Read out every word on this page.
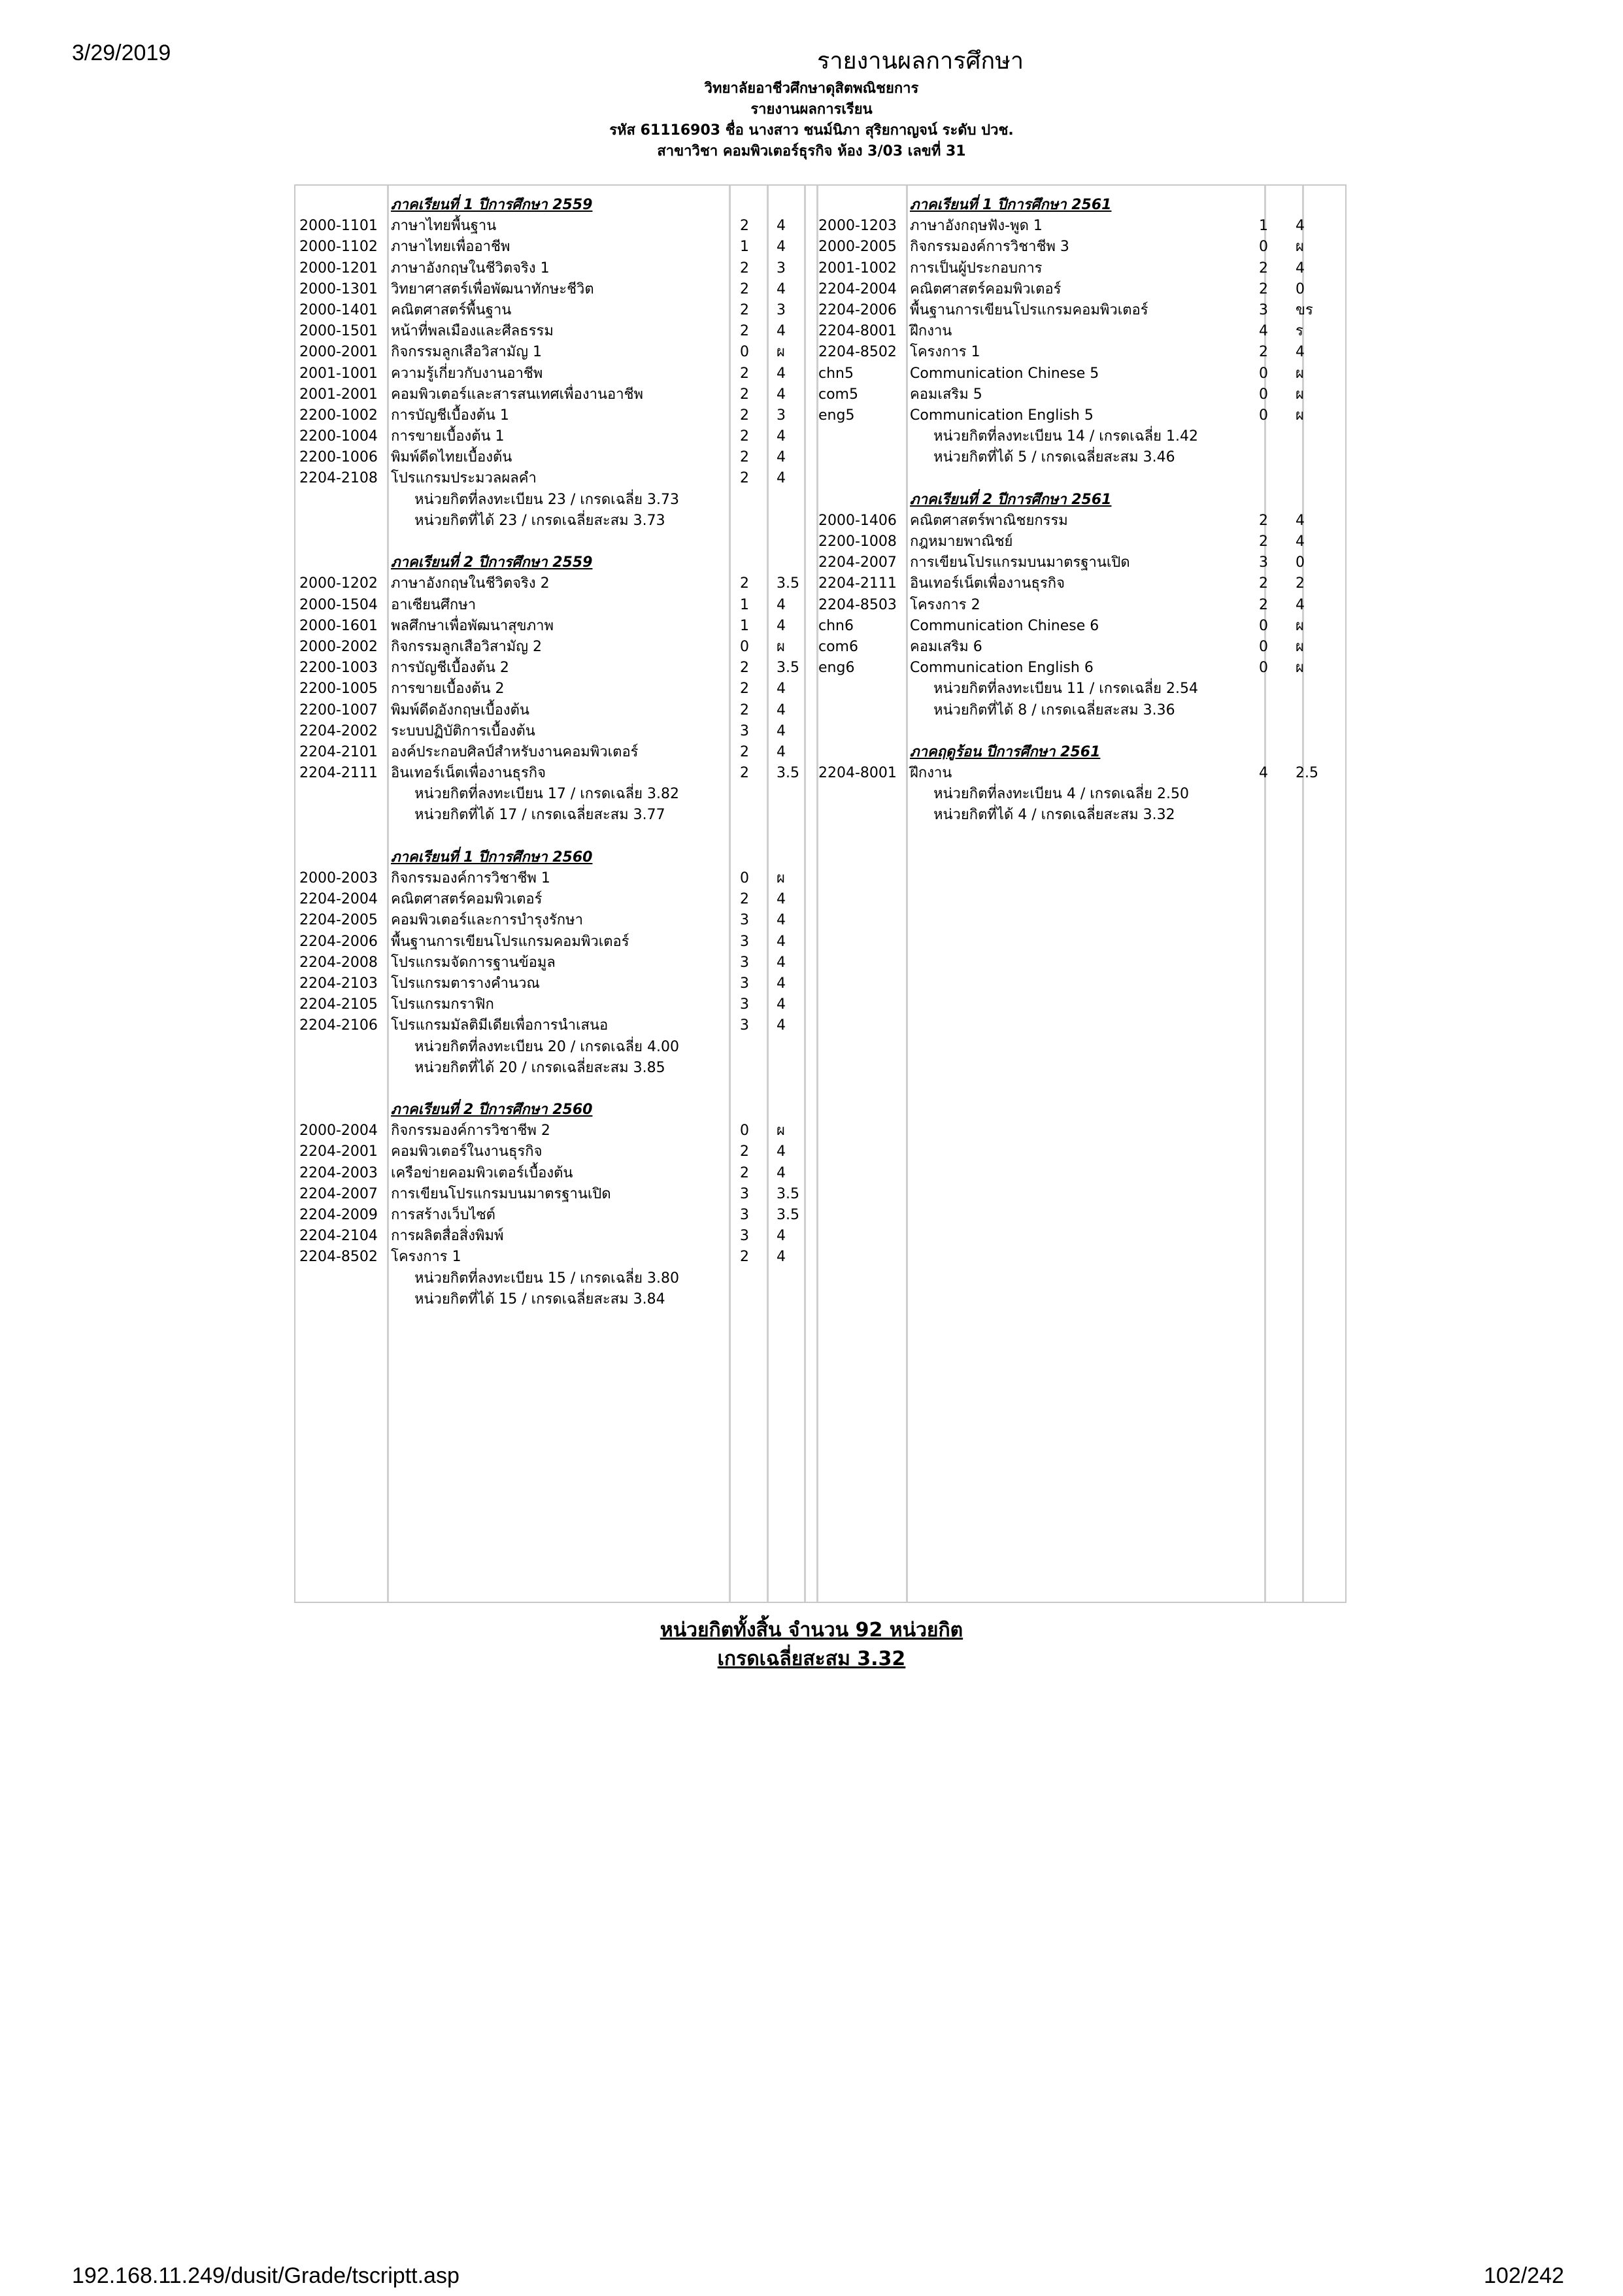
3/29/2019	รายงานผลการศึกษา
วิทยาลัยอาชีวศึกษาดุสิตพณิชยการ
รายงานผลการเรียน
รหัส 61116903 ชื่อ นางสาว ชนม์นิภา สุริยกาญจน์ ระดับ ปวช.
สาขาวิชา คอมพิวเตอร์ธุรกิจ ห้อง 3/03 เลขที่ 31
ภาคเรียนที่ 1 ปีการศึกษา 2559
2000-1101 ภาษาไทยพื้นฐาน	2 4
2000-1102 ภาษาไทยเพื่ออาชีพ	1 4
2000-1201 ภาษาอังกฤษในชีวิตจริง 1	2 3
2000-1301 วิทยาศาสตร์เพื่อพัฒนาทักษะชีวิต	2 4
2000-1401 คณิตศาสตร์พื้นฐาน	2 3
2000-1501 หน้าที่พลเมืองและศีลธรรม	2 4
2000-2001 กิจกรรมลูกเสือวิสามัญ 1	0 ผ
2001-1001 ความรู้เกี่ยวกับงานอาชีพ	2 4
2001-2001 คอมพิวเตอร์และสารสนเทศเพื่องานอาชีพ	2 4
2200-1002 การบัญชีเบื้องต้น 1	2 3
2200-1004 การขายเบื้องต้น 1	2 4
2200-1006 พิมพ์ดีดไทยเบื้องต้น	2 4
2204-2108 โปรแกรมประมวลผลคำ	2 4
หน่วยกิตที่ลงทะเบียน 23 / เกรดเฉลี่ย 3.73
หน่วยกิตที่ได้ 23 / เกรดเฉลี่ยสะสม 3.73
ภาคเรียนที่ 2 ปีการศึกษา 2559
2000-1202 ภาษาอังกฤษในชีวิตจริง 2	2 3.5
2000-1504 อาเซียนศึกษา	1 4
2000-1601 พลศึกษาเพื่อพัฒนาสุขภาพ	1 4
2000-2002 กิจกรรมลูกเสือวิสามัญ 2	0 ผ
2200-1003 การบัญชีเบื้องต้น 2	2 3.5
2200-1005 การขายเบื้องต้น 2	2 4
2200-1007 พิมพ์ดีดอังกฤษเบื้องต้น	2 4
2204-2002 ระบบปฏิบัติการเบื้องต้น	3 4
2204-2101 องค์ประกอบศิลป์สำหรับงานคอมพิวเตอร์	2 4
2204-2111 อินเทอร์เน็ตเพื่องานธุรกิจ	2 3.5
หน่วยกิตที่ลงทะเบียน 17 / เกรดเฉลี่ย 3.82
หน่วยกิตที่ได้ 17 / เกรดเฉลี่ยสะสม 3.77
ภาคเรียนที่ 1 ปีการศึกษา 2560
2000-2003 กิจกรรมองค์การวิชาชีพ 1	0 ผ
2204-2004 คณิตศาสตร์คอมพิวเตอร์	2 4
2204-2005 คอมพิวเตอร์และการบำรุงรักษา	3 4
2204-2006 พื้นฐานการเขียนโปรแกรมคอมพิวเตอร์	3 4
2204-2008 โปรแกรมจัดการฐานข้อมูล	3 4
2204-2103 โปรแกรมตารางคำนวณ	3 4
2204-2105 โปรแกรมกราฟิก	3 4
2204-2106 โปรแกรมมัลติมีเดียเพื่อการนำเสนอ	3 4
หน่วยกิตที่ลงทะเบียน 20 / เกรดเฉลี่ย 4.00
หน่วยกิตที่ได้ 20 / เกรดเฉลี่ยสะสม 3.85
ภาคเรียนที่ 2 ปีการศึกษา 2560
2000-2004 กิจกรรมองค์การวิชาชีพ 2	0 ผ
2204-2001 คอมพิวเตอร์ในงานธุรกิจ	2 4
2204-2003 เครือข่ายคอมพิวเตอร์เบื้องต้น	2 4
2204-2007 การเขียนโปรแกรมบนมาตรฐานเปิด	3 3.5
2204-2009 การสร้างเว็บไซต์	3 3.5
2204-2104 การผลิตสื่อสิ่งพิมพ์	3 4
2204-8502 โครงการ 1	2 4
หน่วยกิตที่ลงทะเบียน 15 / เกรดเฉลี่ย 3.80
หน่วยกิตที่ได้ 15 / เกรดเฉลี่ยสะสม 3.84
ภาคเรียนที่ 1 ปีการศึกษา 2561
2000-1203 ภาษาอังกฤษฟัง-พูด 1	1 4
2000-2005 กิจกรรมองค์การวิชาชีพ 3	0 ผ
2001-1002 การเป็นผู้ประกอบการ	2 4
2204-2004 คณิตศาสตร์คอมพิวเตอร์	2 0
2204-2006 พื้นฐานการเขียนโปรแกรมคอมพิวเตอร์	3 ขร
2204-8001 ฝึกงาน	4 ร
2204-8502 โครงการ 1	2 4
chn5	Communication Chinese 5	0 ผ
com5	คอมเสริม 5	0 ผ
eng5	Communication English 5	0 ผ
หน่วยกิตที่ลงทะเบียน 14 / เกรดเฉลี่ย 1.42
หน่วยกิตที่ได้ 5 / เกรดเฉลี่ยสะสม 3.46
ภาคเรียนที่ 2 ปีการศึกษา 2561
2000-1406 คณิตศาสตร์พาณิชยกรรม	2 4
2200-1008 กฎหมายพาณิชย์	2 4
2204-2007 การเขียนโปรแกรมบนมาตรฐานเปิด	3 0
2204-2111 อินเทอร์เน็ตเพื่องานธุรกิจ	2 2
2204-8503 โครงการ 2	2 4
chn6	Communication Chinese 6	0 ผ
com6	คอมเสริม 6	0 ผ
eng6	Communication English 6	0 ผ
หน่วยกิตที่ลงทะเบียน 11 / เกรดเฉลี่ย 2.54
หน่วยกิตที่ได้ 8 / เกรดเฉลี่ยสะสม 3.36
ภาคฤดูร้อน ปีการศึกษา 2561
2204-8001 ฝึกงาน	4 2.5
หน่วยกิตที่ลงทะเบียน 4 / เกรดเฉลี่ย 2.50
หน่วยกิตที่ได้ 4 / เกรดเฉลี่ยสะสม 3.32
หน่วยกิตทั้งสิ้น จำนวน 92 หน่วยกิต
เกรดเฉลี่ยสะสม 3.32
192.168.11.249/dusit/Grade/tscriptt.asp	102/242
